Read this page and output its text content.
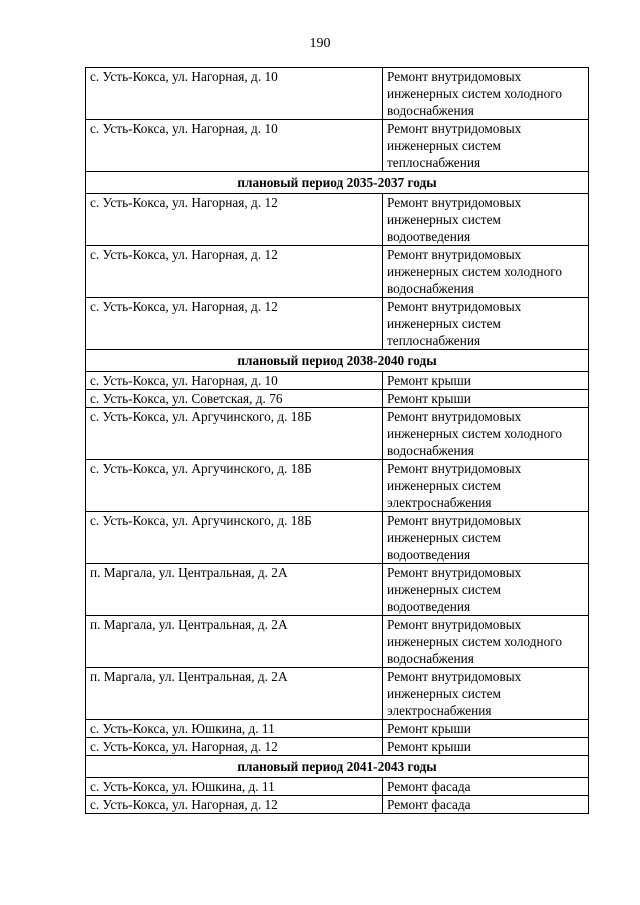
190
с. Усть-Коксa, ул. Нагорная, д. 10	Ремонт внутридомовых инженерных систем холодного водоснабжения
с. Усть-Коксa, ул. Нагорная, д. 10	Ремонт внутридомовых инженерных систем теплоснабжения
плановый период 2035-2037 годы	
с. Усть-Коксa, ул. Нагорная, д. 12	Ремонт внутридомовых инженерных систем водоотведения
с. Усть-Коксa, ул. Нагорная, д. 12	Ремонт внутридомовых инженерных систем холодного водоснабжения
с. Усть-Коксa, ул. Нагорная, д. 12	Ремонт внутридомовых инженерных систем теплоснабжения
плановый период 2038-2040 годы	
с. Усть-Коксa, ул. Нагорная, д. 10	Ремонт крыши
с. Усть-Коксa, ул. Советская, д. 76	Ремонт крыши
с. Усть-Коксa, ул. Аргучинского, д. 18Б	Ремонт внутридомовых инженерных систем холодного водоснабжения
с. Усть-Коксa, ул. Аргучинского, д. 18Б	Ремонт внутридомовых инженерных систем электроснабжения
с. Усть-Коксa, ул. Аргучинского, д. 18Б	Ремонт внутридомовых инженерных систем водоотведения
п. Маргала, ул. Центральная, д. 2А	Ремонт внутридомовых инженерных систем водоотведения
п. Маргала, ул. Центральная, д. 2А	Ремонт внутридомовых инженерных систем холодного водоснабжения
п. Маргала, ул. Центральная, д. 2А	Ремонт внутридомовых инженерных систем электроснабжения
с. Усть-Коксa, ул. Юшкина, д. 11	Ремонт крыши
с. Усть-Коксa, ул. Нагорная, д. 12	Ремонт крыши
плановый период 2041-2043 годы	
с. Усть-Коксa, ул. Юшкина, д. 11	Ремонт фасада
с. Усть-Коксa, ул. Нагорная, д. 12	Ремонт фасада
